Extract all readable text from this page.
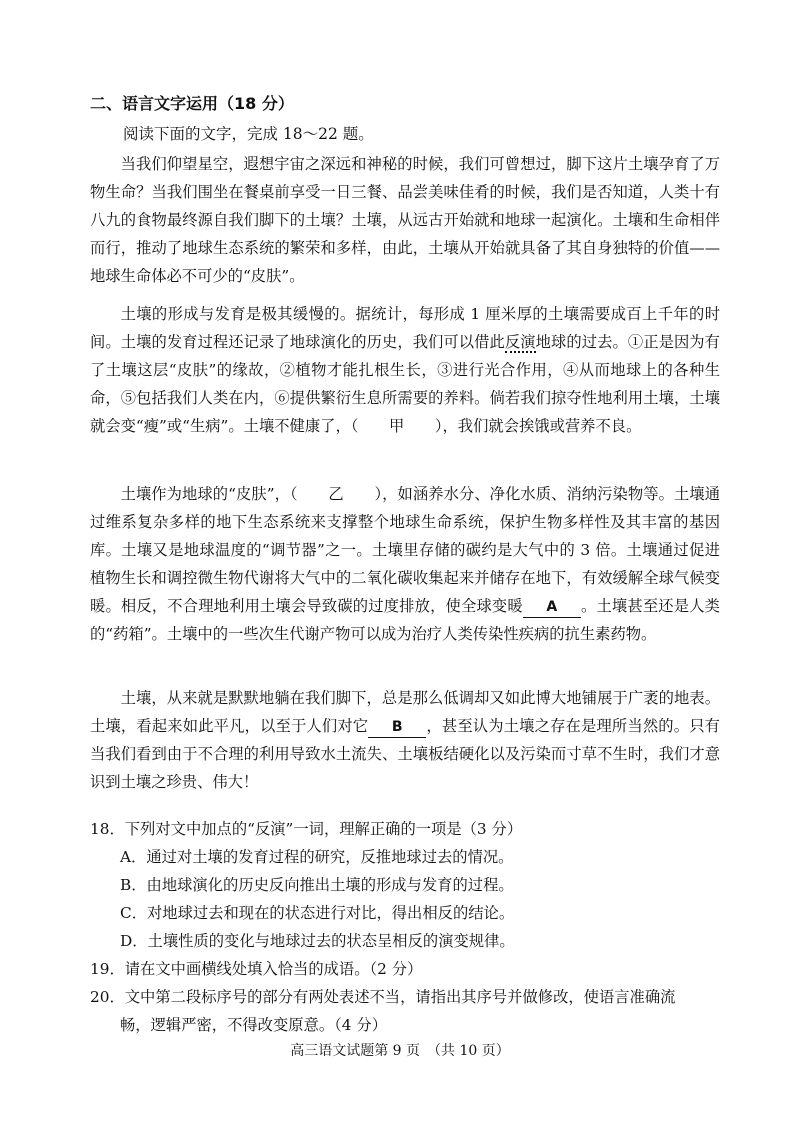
二、语言文字运用（18 分）
阅读下面的文字，完成 18～22 题。

当我们仰望星空，遐想宇宙之深远和神秘的时候，我们可曾想过，脚下这片土壤孕育了万物生命？当我们围坐在餐桌前享受一日三餐、品尝美味佳肴的时候，我们是否知道，人类十有八九的食物最终源自我们脚下的土壤？土壤，从远古开始就和地球一起演化。土壤和生命相伴而行，推动了地球生态系统的繁荣和多样，由此，土壤从开始就具备了其自身独特的价值——地球生命体必不可少的“皮肤”。

土壤的形成与发育是极其缓慢的。据统计，每形成 1 厘米厚的土壤需要成百上千年的时间。土壤的发育过程还记录了地球演化的历史，我们可以借此反演地球的过去。①正是因为有了土壤这层“皮肤”的缘故，②植物才能扎根生长，③进行光合作用，④从而地球上的各种生命，⑤包括我们人类在内，⑥提供繁衍生息所需要的养料。倘若我们掠夺性地利用土壤，土壤就会变“瘦”或“生病”。土壤不健康了，（　　甲　　），我们就会挨饿或营养不良。

土壤作为地球的“皮肤”，（　　乙　　），如涵养水分、净化水质、消纳污染物等。土壤通过维系复杂多样的地下生态系统来支撑整个地球生命系统，保护生物多样性及其丰富的基因库。土壤又是地球温度的“调节器”之一。土壤里存储的碳约是大气中的 3 倍。土壤通过促进植物生长和调控微生物代谢将大气中的二氧化碳收集起来并储存在地下，有效缓解全球气候变暖。相反，不合理地利用土壤会导致碳的过度排放，使全球变暖 A 。土壤甚至还是人类的“药箱”。土壤中的一些次生代谢产物可以成为治疗人类传染性疾病的抗生素药物。

土壤，从来就是默默地躺在我们脚下，总是那么低调却又如此博大地铺展于广袤的地表。土壤，看起来如此平凡，以至于人们对它 B ，甚至认为土壤之存在是理所当然的。只有当我们看到由于不合理的利用导致水土流失、土壤板结硬化以及污染而寸草不生时，我们才意识到土壤之珍贵、伟大！

18．下列对文中加点的“反演”一词，理解正确的一项是（3 分）

A．通过对土壤的发育过程的研究，反推地球过去的情况。
B．由地球演化的历史反向推出土壤的形成与发育的过程。
C．对地球过去和现在的状态进行对比，得出相反的结论。
D．土壤性质的变化与地球过去的状态呈相反的演变规律。

19．请在文中画横线处填入恰当的成语。（2 分）

20．文中第二段标序号的部分有两处表述不当，请指出其序号并做修改，使语言准确流

畅，逻辑严密，不得改变原意。（4 分）
高三语文试题第 9 页　（共 10 页）
